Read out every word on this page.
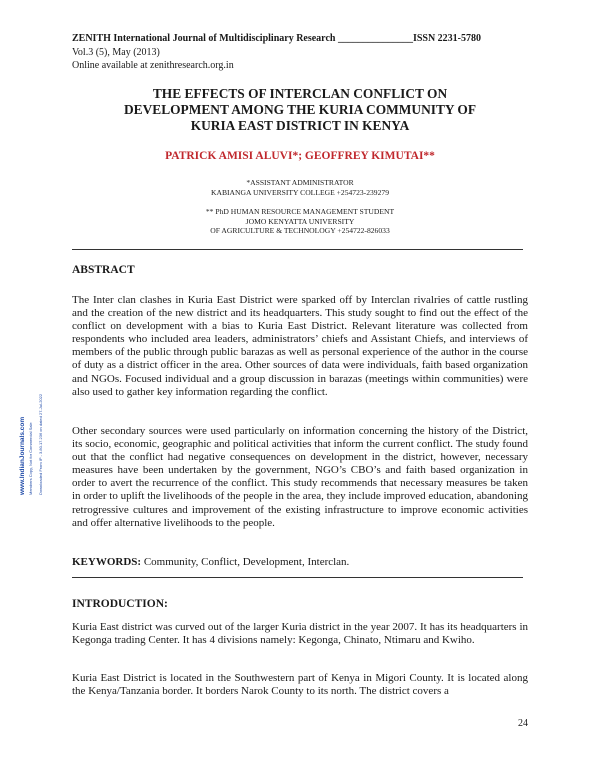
ZENITH International Journal of Multidisciplinary Research _______________ISSN 2231-5780
Vol.3 (5), May (2013)
Online available at zenithresearch.org.in
THE EFFECTS OF INTERCLAN CONFLICT ON
DEVELOPMENT AMONG THE KURIA COMMUNITY OF
KURIA EAST DISTRICT IN KENYA
PATRICK AMISI ALUVI*; GEOFFREY KIMUTAI**
*ASSISTANT ADMINISTRATOR
KABIANGA UNIVERSITY COLLEGE +254723-239279
** PhD HUMAN RESOURCE MANAGEMENT STUDENT
JOMO KENYATTA UNIVERSITY
OF AGRICULTURE & TECHNOLOGY +254722-826033
ABSTRACT
The Inter clan clashes in Kuria East District were sparked off by Interclan rivalries of cattle rustling and the creation of the new district and its headquarters. This study sought to find out the effect of the conflict on development with a bias to Kuria East District. Relevant literature was collected from respondents who included area leaders, administrators’ chiefs and Assistant Chiefs, and interviews of members of the public through public barazas as well as personal experience of the author in the course of duty as a district officer in the area. Other sources of data were individuals, faith based organization and NGOs. Focused individual and a group discussion in barazas (meetings within communities) were also used to gather key information regarding the conflict.
Other secondary sources were used particularly on information concerning the history of the District, its socio, economic, geographic and political activities that inform the current conflict. The study found out that the conflict had negative consequences on development in the district, however, necessary measures have been undertaken by the government, NGO’s CBO’s and faith based organization in order to avert the recurrence of the conflict. This study recommends that necessary measures be taken in order to uplift the livelihoods of the people in the area, they include improved education, abandoning retrogressive cultures and improvement of the existing infrastructure to improve economic activities and offer alternative livelihoods to the people.
KEYWORDS: Community, Conflict, Development, Interclan.
INTRODUCTION:
Kuria East district was curved out of the larger Kuria district in the year 2007. It has its headquarters in Kegonga trading Center. It has 4 divisions namely: Kegonga, Chinato, Ntimaru and Kwiho.
Kuria East District is located in the Southwestern part of Kenya in Migori County. It is located along the Kenya/Tanzania border. It borders Narok County to its north. The district covers a
www.IndianJournals.com Members Copy, Not for Commercial Sale Downloaded From IP - 3.80.17.236 on dated 27-Jul-2022
24
